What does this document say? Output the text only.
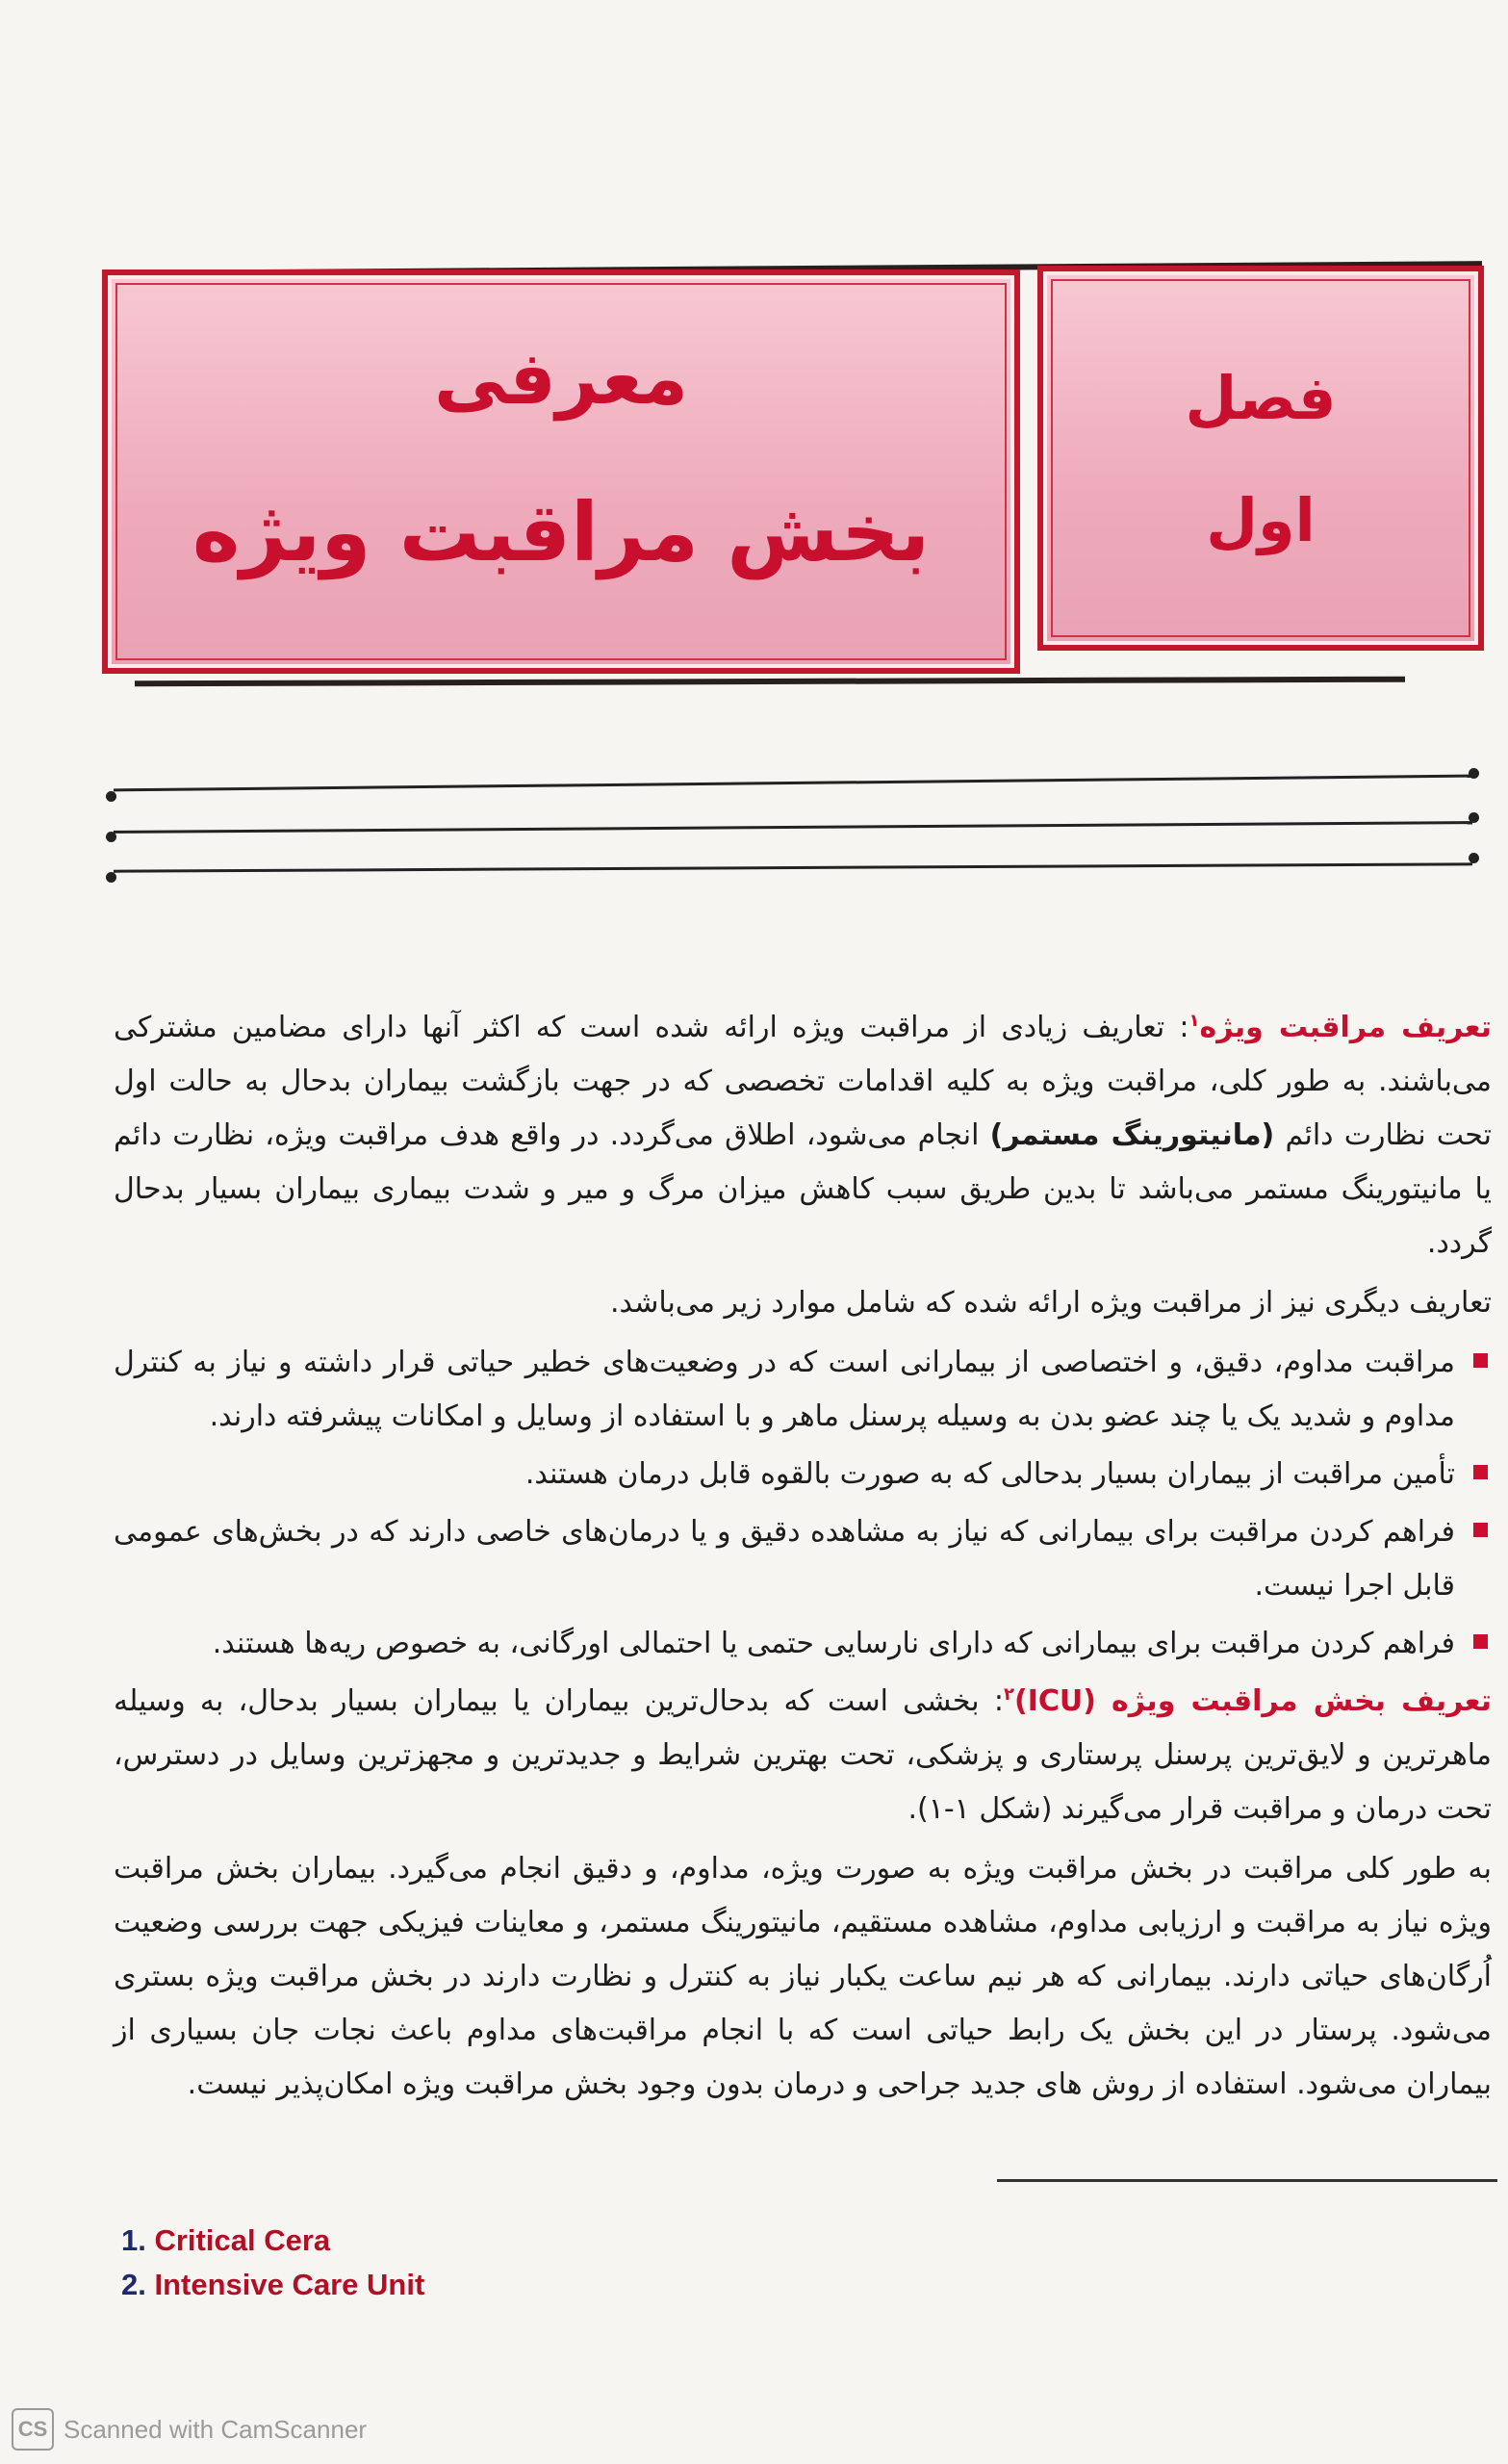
فصل
اول
معرفی
بخش مراقبت ویژه

تعریف مراقبت ویژه$^۱$: تعاریف زیادی از مراقبت ویژه ارائه شده است که اکثر آنها دارای مضامین مشترکی می‌باشند. به طور کلی، مراقبت ویژه به کلیه اقدامات تخصصی که در جهت بازگشت بیماران بدحال به حالت اول تحت نظارت دائم (مانیتورینگ مستمر) انجام می‌شود، اطلاق می‌گردد. در واقع هدف مراقبت ویژه، نظارت دائم یا مانیتورینگ مستمر می‌باشد تا بدین طریق سبب کاهش میزان مرگ و میر و شدت بیماری بیماران بسیار بدحال گردد.

تعاریف دیگری نیز از مراقبت ویژه ارائه شده که شامل موارد زیر می‌باشد.

مراقبت مداوم، دقیق، و اختصاصی از بیمارانی است که در وضعیت‌های خطیر حیاتی قرار داشته و نیاز به کنترل مداوم و شدید یک یا چند عضو بدن به وسیله پرسنل ماهر و با استفاده از وسایل و امکانات پیشرفته دارند.
تأمین مراقبت از بیماران بسیار بدحالی که به صورت بالقوه قابل درمان هستند.
فراهم کردن مراقبت برای بیمارانی که نیاز به مشاهده دقیق و یا درمان‌های خاصی دارند که در بخش‌های عمومی قابل اجرا نیست.
فراهم کردن مراقبت برای بیمارانی که دارای نارسایی حتمی یا احتمالی اورگانی، به خصوص ریه‌ها هستند.

تعریف بخش مراقبت ویژه (ICU)$^۲$: بخشی است که بدحال‌ترین بیماران یا بیماران بسیار بدحال، به وسیله ماهرترین و لایق‌ترین پرسنل پرستاری و پزشکی، تحت بهترین شرایط و جدیدترین و مجهزترین وسایل در دسترس، تحت درمان و مراقبت قرار می‌گیرند (شکل ۱-۱).

به طور کلی مراقبت در بخش مراقبت ویژه به صورت ویژه، مداوم، و دقیق انجام می‌گیرد. بیماران بخش مراقبت ویژه نیاز به مراقبت و ارزیابی مداوم، مشاهده مستقیم، مانیتورینگ مستمر، و معاینات فیزیکی جهت بررسی وضعیت اُرگان‌های حیاتی دارند. بیمارانی که هر نیم ساعت یکبار نیاز به کنترل و نظارت دارند در بخش مراقبت ویژه بستری می‌شود. پرستار در این بخش یک رابط حیاتی است که با انجام مراقبت‌های مداوم باعث نجات جان بسیاری از بیماران می‌شود. استفاده از روش های جدید جراحی و درمان بدون وجود بخش مراقبت ویژه امکان‌پذیر نیست.

1. Critical Cera
2. Intensive Care Unit
CS Scanned with CamScanner
